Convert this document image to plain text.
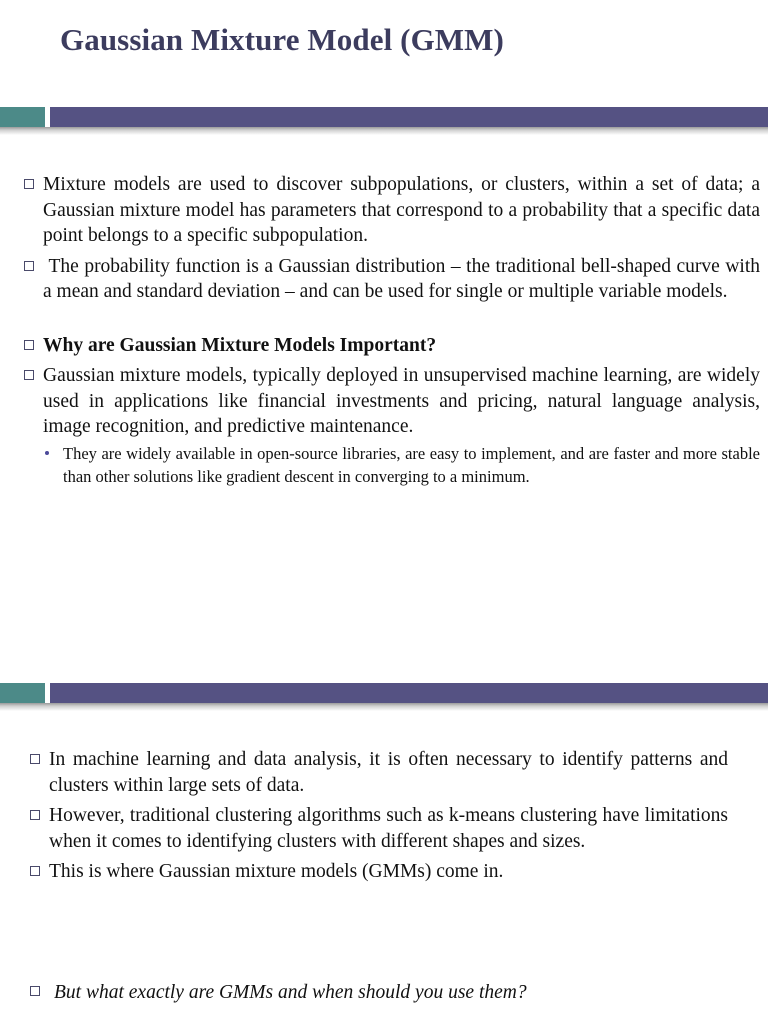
Gaussian Mixture Model (GMM)
Mixture models are used to discover subpopulations, or clusters, within a set of data; a Gaussian mixture model has parameters that correspond to a probability that a specific data point belongs to a specific subpopulation.
The probability function is a Gaussian distribution – the traditional bell-shaped curve with a mean and standard deviation – and can be used for single or multiple variable models.
Why are Gaussian Mixture Models Important?
Gaussian mixture models, typically deployed in unsupervised machine learning, are widely used in applications like financial investments and pricing, natural language analysis, image recognition, and predictive maintenance.
They are widely available in open-source libraries, are easy to implement, and are faster and more stable than other solutions like gradient descent in converging to a minimum.
In machine learning and data analysis, it is often necessary to identify patterns and clusters within large sets of data.
However, traditional clustering algorithms such as k-means clustering have limitations when it comes to identifying clusters with different shapes and sizes.
This is where Gaussian mixture models (GMMs) come in.
But what exactly are GMMs and when should you use them?
